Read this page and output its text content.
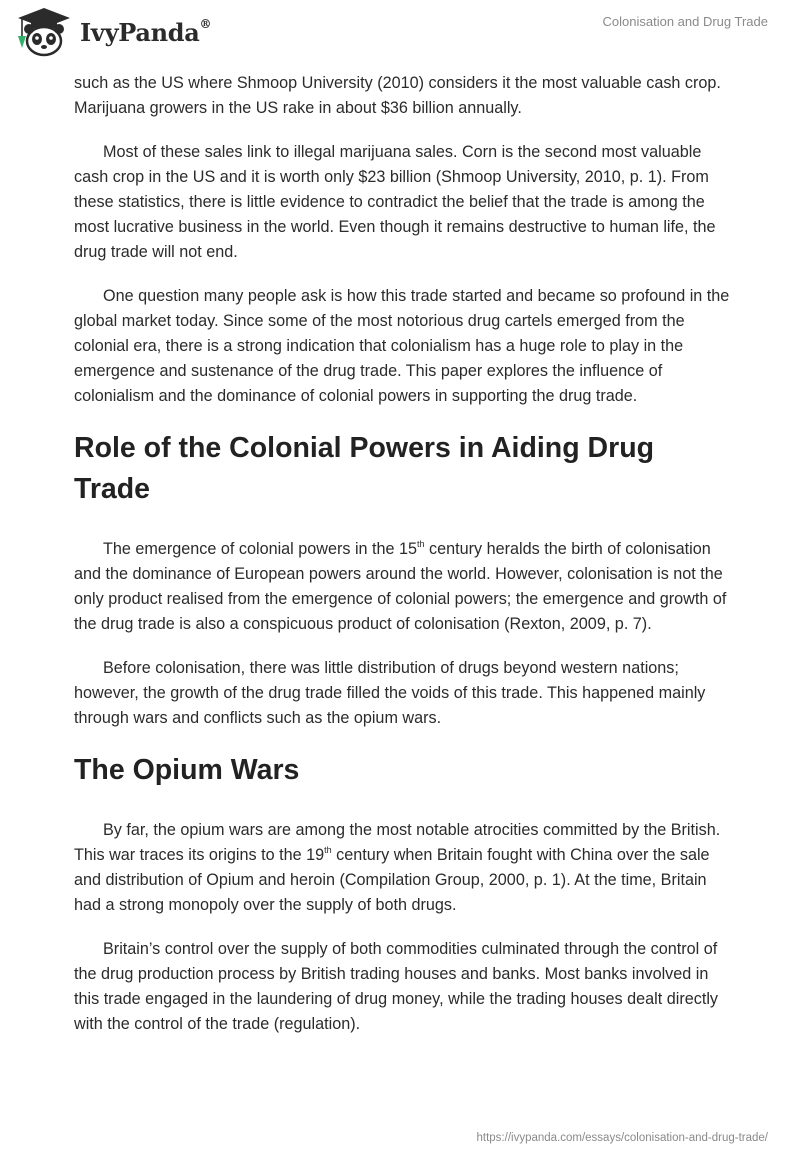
IvyPanda®	Colonisation and Drug Trade

such as the US where Shmoop University (2010) considers it the most valuable cash crop. Marijuana growers in the US rake in about $36 billion annually.

Most of these sales link to illegal marijuana sales. Corn is the second most valuable cash crop in the US and it is worth only $23 billion (Shmoop University, 2010, p. 1). From these statistics, there is little evidence to contradict the belief that the trade is among the most lucrative business in the world. Even though it remains destructive to human life, the drug trade will not end.

One question many people ask is how this trade started and became so profound in the global market today. Since some of the most notorious drug cartels emerged from the colonial era, there is a strong indication that colonialism has a huge role to play in the emergence and sustenance of the drug trade. This paper explores the influence of colonialism and the dominance of colonial powers in supporting the drug trade.

Role of the Colonial Powers in Aiding Drug Trade

The emergence of colonial powers in the 15th century heralds the birth of colonisation and the dominance of European powers around the world. However, colonisation is not the only product realised from the emergence of colonial powers; the emergence and growth of the drug trade is also a conspicuous product of colonisation (Rexton, 2009, p. 7).

Before colonisation, there was little distribution of drugs beyond western nations; however, the growth of the drug trade filled the voids of this trade. This happened mainly through wars and conflicts such as the opium wars.

The Opium Wars

By far, the opium wars are among the most notable atrocities committed by the British. This war traces its origins to the 19th century when Britain fought with China over the sale and distribution of Opium and heroin (Compilation Group, 2000, p. 1). At the time, Britain had a strong monopoly over the supply of both drugs.

Britain’s control over the supply of both commodities culminated through the control of the drug production process by British trading houses and banks. Most banks involved in this trade engaged in the laundering of drug money, while the trading houses dealt directly with the control of the trade (regulation).

https://ivypanda.com/essays/colonisation-and-drug-trade/
